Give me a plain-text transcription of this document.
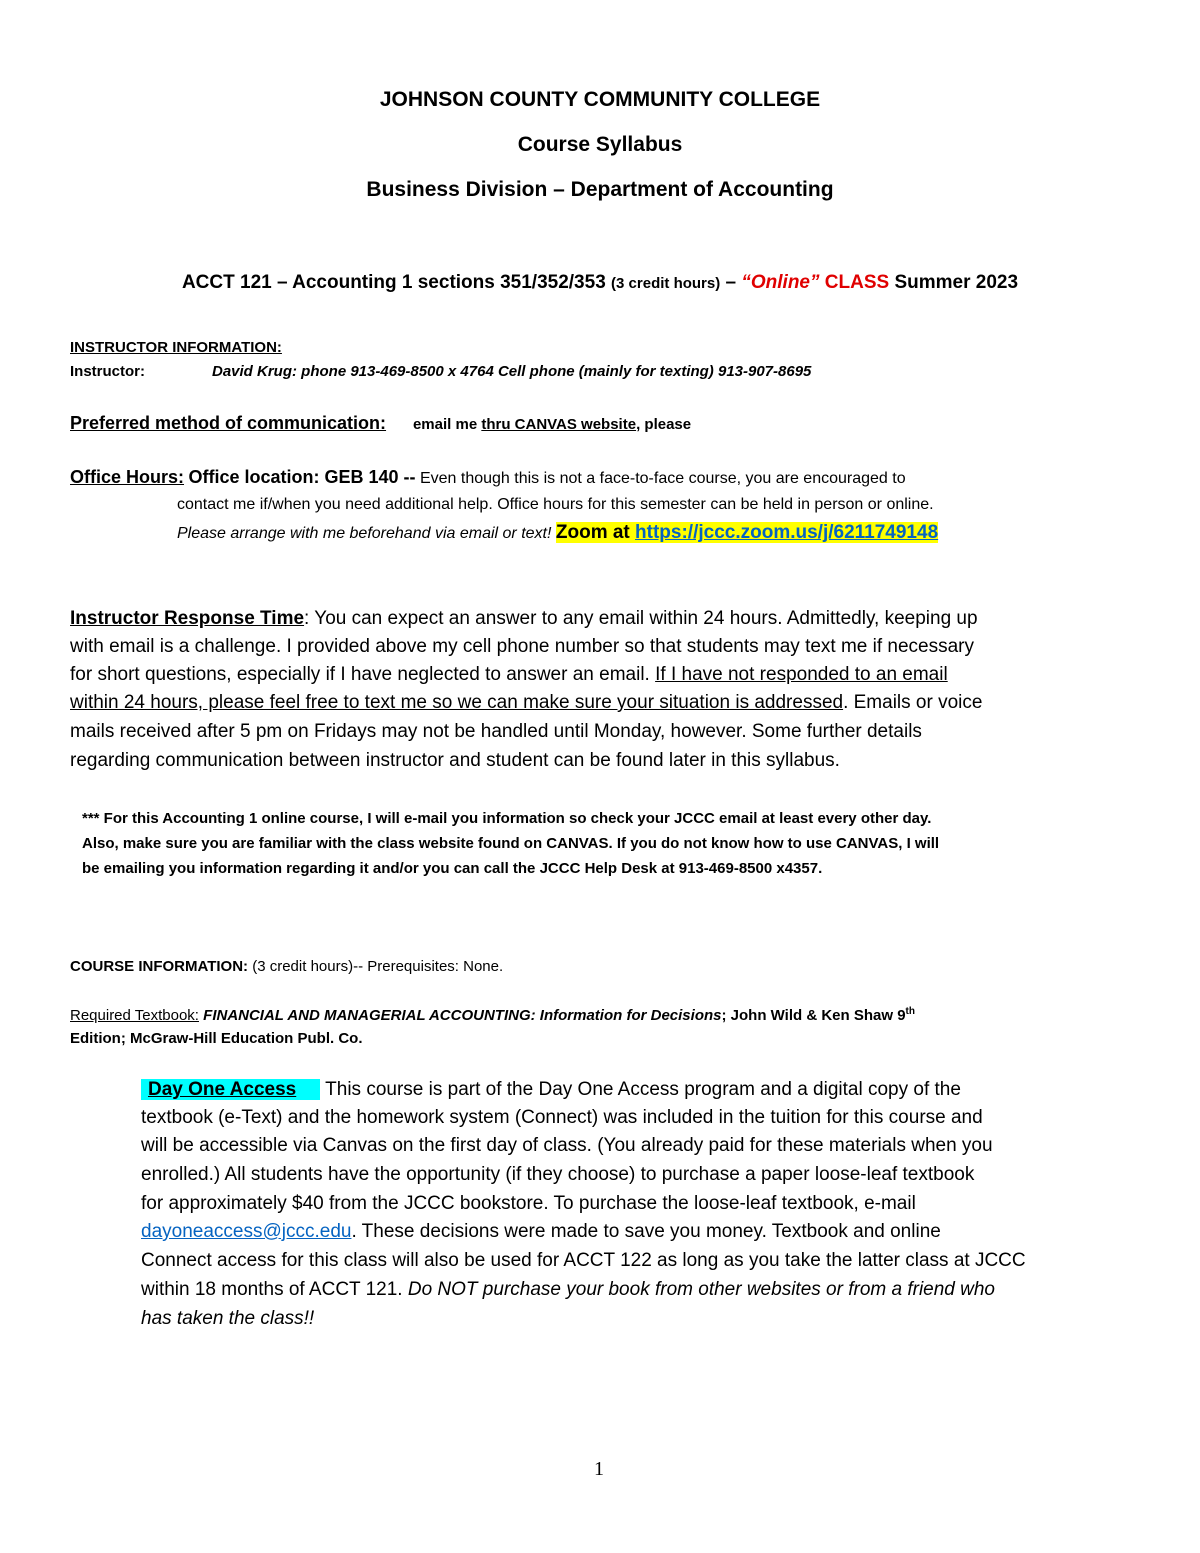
JOHNSON COUNTY COMMUNITY COLLEGE
Course Syllabus
Business Division – Department of Accounting
ACCT 121 – Accounting 1 sections 351/352/353 (3 credit hours) – “Online” CLASS Summer 2023
INSTRUCTOR INFORMATION:
Instructor:	David Krug: phone 913-469-8500 x 4764 Cell phone (mainly for texting) 913-907-8695
Preferred method of communication: email me thru CANVAS website, please
Office Hours: Office location: GEB 140 -- Even though this is not a face-to-face course, you are encouraged to
contact me if/when you need additional help. Office hours for this semester can be held in person or online.
Please arrange with me beforehand via email or text! Zoom at https://jccc.zoom.us/j/6211749148
Instructor Response Time: You can expect an answer to any email within 24 hours. Admittedly, keeping up
with email is a challenge. I provided above my cell phone number so that students may text me if necessary
for short questions, especially if I have neglected to answer an email. If I have not responded to an email
within 24 hours, please feel free to text me so we can make sure your situation is addressed. Emails or voice
mails received after 5 pm on Fridays may not be handled until Monday, however. Some further details
regarding communication between instructor and student can be found later in this syllabus.
*** For this Accounting 1 online course, I will e-mail you information so check your JCCC email at least every other day.
Also, make sure you are familiar with the class website found on CANVAS. If you do not know how to use CANVAS, I will
be emailing you information regarding it and/or you can call the JCCC Help Desk at 913-469-8500 x4357.
COURSE INFORMATION: (3 credit hours)-- Prerequisites: None.
Required Textbook: FINANCIAL AND MANAGERIAL ACCOUNTING: Information for Decisions; John Wild & Ken Shaw 9th
Edition; McGraw-Hill Education Publ. Co.
Day One Access This course is part of the Day One Access program and a digital copy of the
textbook (e-Text) and the homework system (Connect) was included in the tuition for this course and
will be accessible via Canvas on the first day of class. (You already paid for these materials when you
enrolled.) All students have the opportunity (if they choose) to purchase a paper loose-leaf textbook
for approximately $40 from the JCCC bookstore. To purchase the loose-leaf textbook, e-mail
dayoneaccess@jccc.edu. These decisions were made to save you money. Textbook and online
Connect access for this class will also be used for ACCT 122 as long as you take the latter class at JCCC
within 18 months of ACCT 121. Do NOT purchase your book from other websites or from a friend who
has taken the class!!
1
